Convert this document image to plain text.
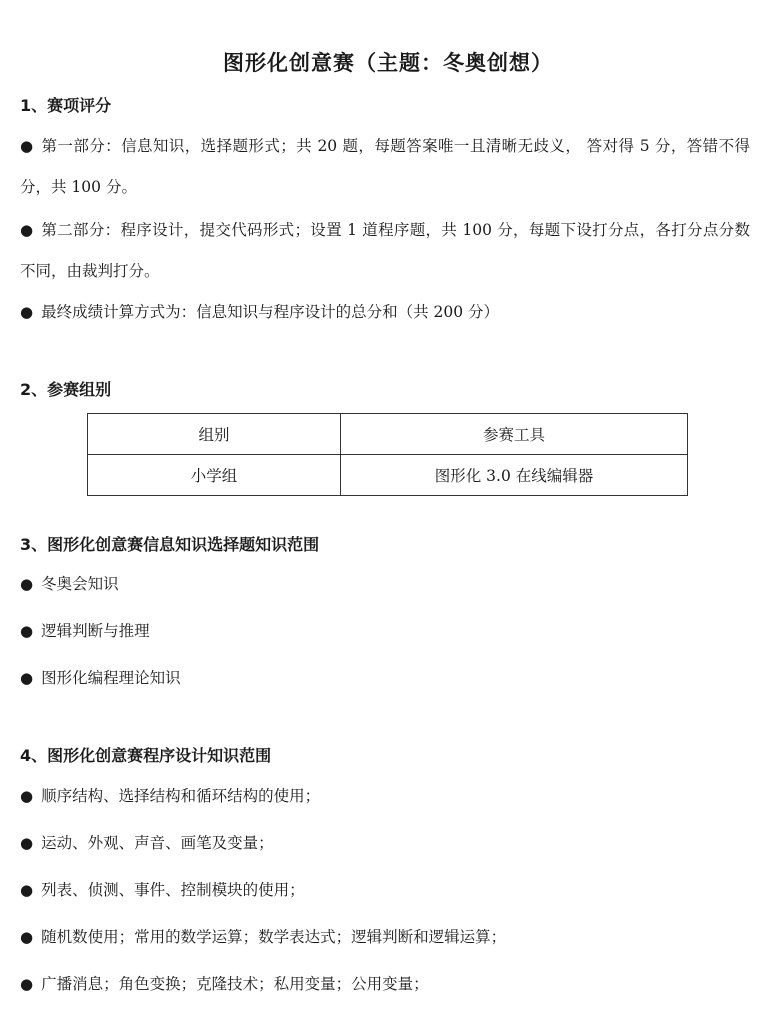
图形化创意赛（主题：冬奥创想）
1、赛项评分
● 第一部分：信息知识，选择题形式；共 20 题，每题答案唯一且清晰无歧义， 答对得 5 分，答错不得分，共 100 分。
● 第二部分：程序设计，提交代码形式；设置 1 道程序题，共 100 分，每题下设打分点，各打分点分数不同，由裁判打分。
● 最终成绩计算方式为：信息知识与程序设计的总分和（共 200 分）
2、参赛组别
组别	参赛工具
小学组	图形化 3.0 在线编辑器
3、图形化创意赛信息知识选择题知识范围
● 冬奥会知识
● 逻辑判断与推理
● 图形化编程理论知识
4、图形化创意赛程序设计知识范围
● 顺序结构、选择结构和循环结构的使用；
● 运动、外观、声音、画笔及变量；
● 列表、侦测、事件、控制模块的使用；
● 随机数使用；常用的数学运算；数学表达式；逻辑判断和逻辑运算；
● 广播消息；角色变换；克隆技术；私用变量；公用变量；
